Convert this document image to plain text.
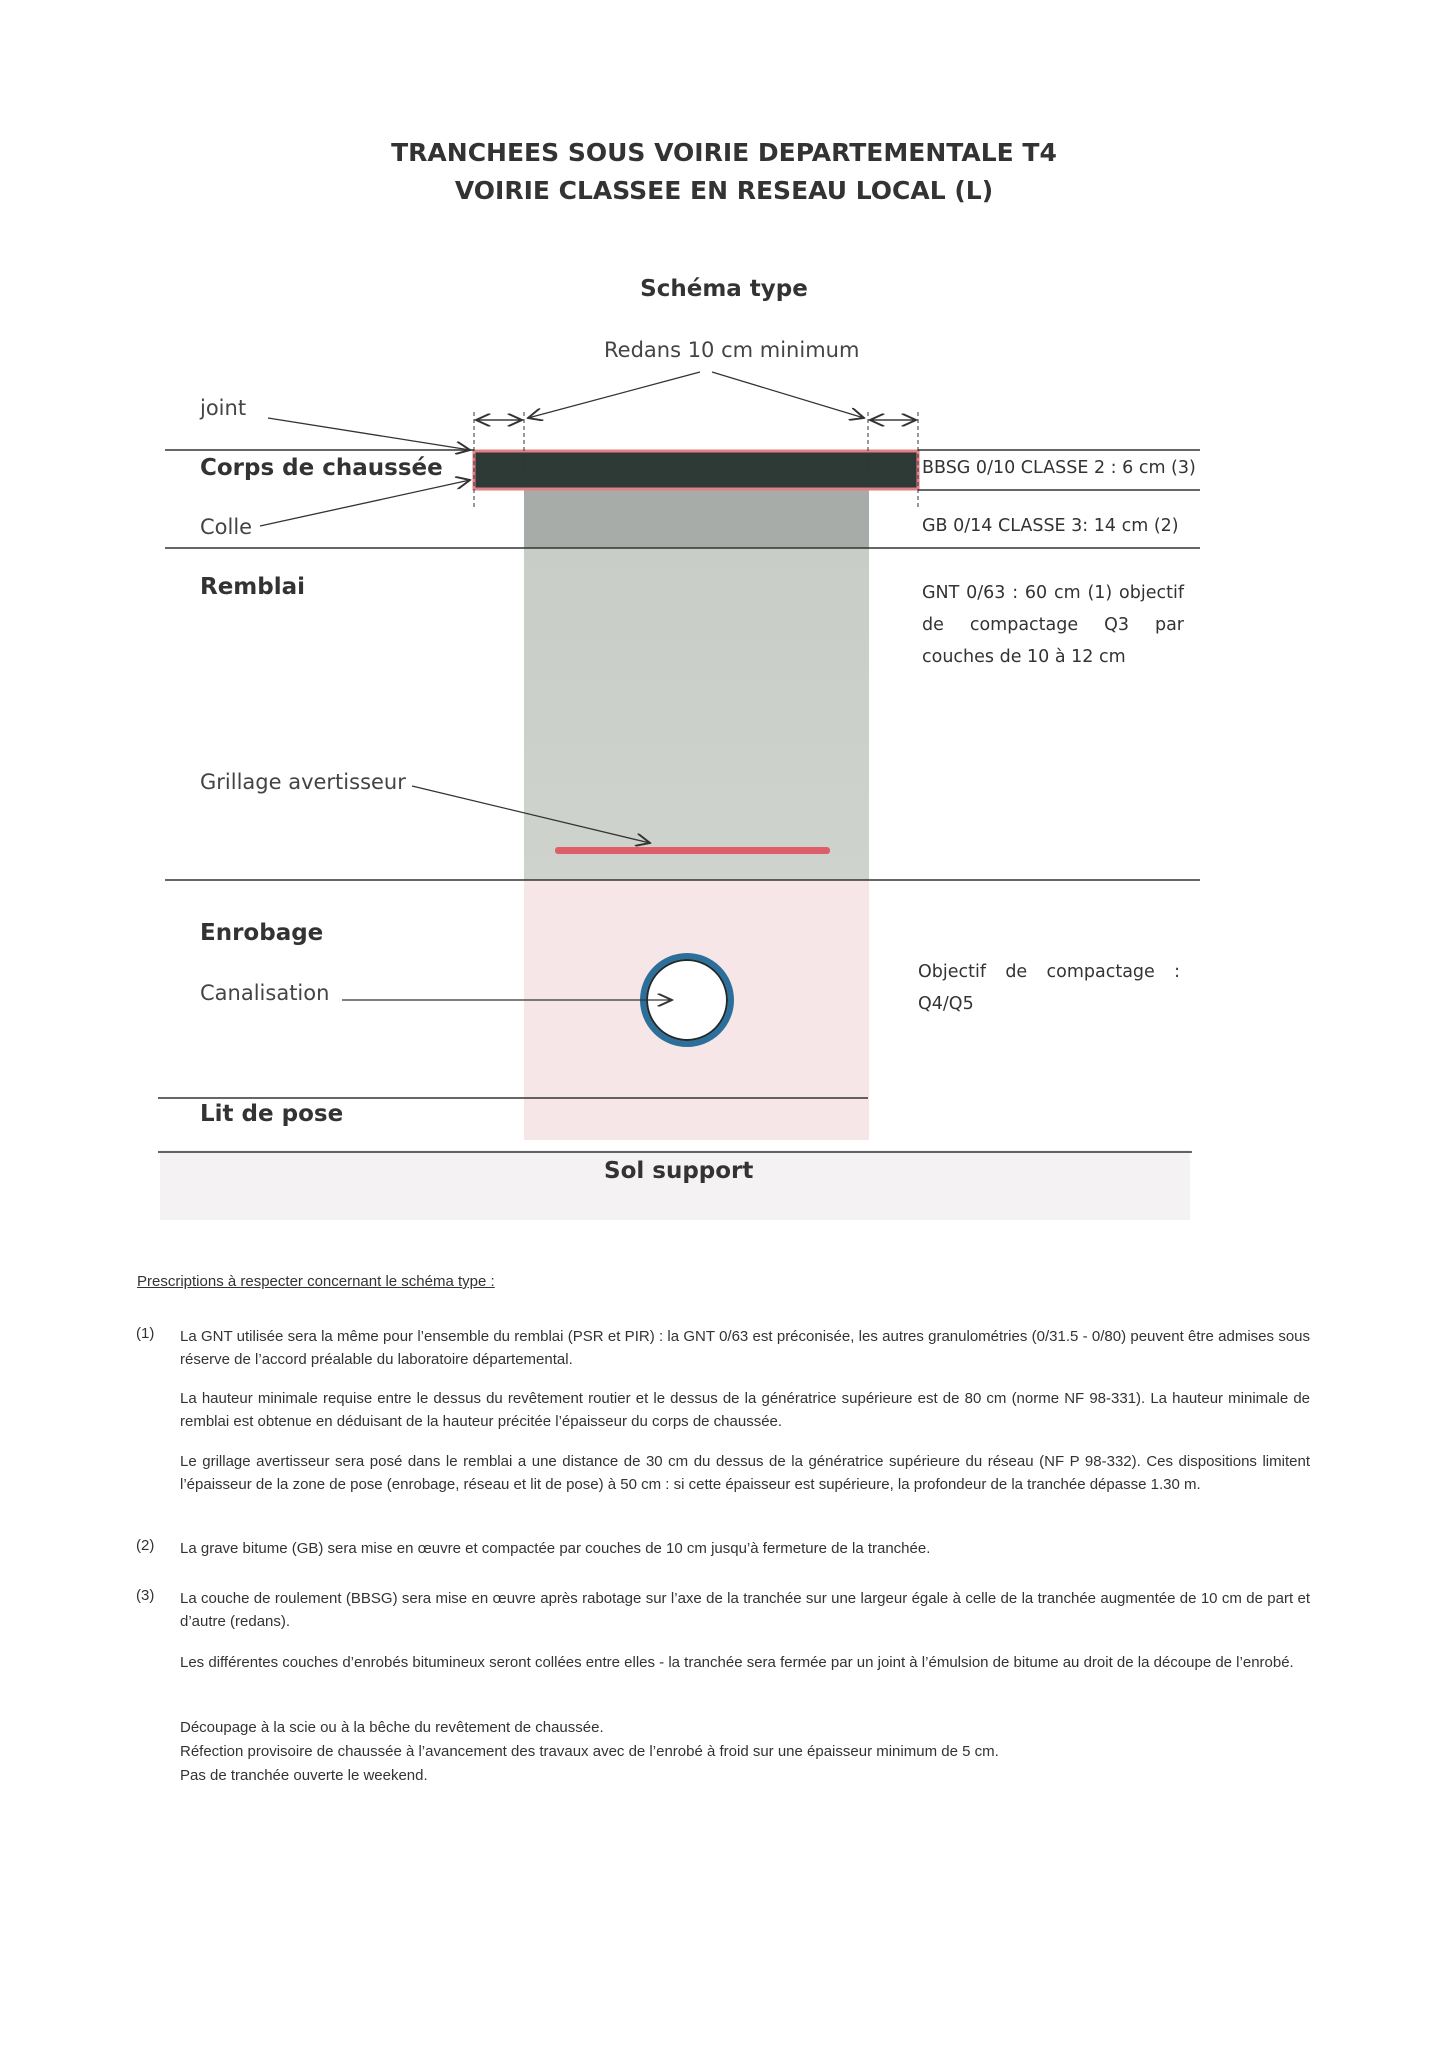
TRANCHEES SOUS VOIRIE DEPARTEMENTALE T4
VOIRIE CLASSEE EN RESEAU LOCAL (L)
Schéma type
Redans 10 cm minimum
joint
Corps de chaussée
Colle
Remblai
BBSG 0/10 CLASSE 2 : 6 cm (3)
GB 0/14 CLASSE 3: 14 cm (2)
GNT 0/63 : 60 cm (1) objectif
de compactage Q3 par
couches de 10 à 12 cm
Grillage avertisseur
Enrobage
Canalisation
Objectif de compactage :
Q4/Q5
Lit de pose
Sol support
Prescriptions à respecter concernant le schéma type :
(1) La GNT utilisée sera la même pour l’ensemble du remblai (PSR et PIR) : la GNT 0/63 est préconisée, les autres granulométries (0/31.5 - 0/80) peuvent être admises sous réserve de l’accord préalable du laboratoire départemental.
La hauteur minimale requise entre le dessus du revêtement routier et le dessus de la génératrice supérieure est de 80 cm (norme NF 98-331). La hauteur minimale de remblai est obtenue en déduisant de la hauteur précitée l’épaisseur du corps de chaussée.
Le grillage avertisseur sera posé dans le remblai a une distance de 30 cm du dessus de la génératrice supérieure du réseau (NF P 98-332). Ces dispositions limitent l’épaisseur de la zone de pose (enrobage, réseau et lit de pose) à 50 cm : si cette épaisseur est supérieure, la profondeur de la tranchée dépasse 1.30 m.
(2) La grave bitume (GB) sera mise en œuvre et compactée par couches de 10 cm jusqu’à fermeture de la tranchée.
(3) La couche de roulement (BBSG) sera mise en œuvre après rabotage sur l’axe de la tranchée sur une largeur égale à celle de la tranchée augmentée de 10 cm de part et d’autre (redans).
Les différentes couches d’enrobés bitumineux seront collées entre elles - la tranchée sera fermée par un joint à l’émulsion de bitume au droit de la découpe de l’enrobé.
Découpage à la scie ou à la bêche du revêtement de chaussée.
Réfection provisoire de chaussée à l’avancement des travaux avec de l’enrobé à froid sur une épaisseur minimum de 5 cm.
Pas de tranchée ouverte le weekend.
